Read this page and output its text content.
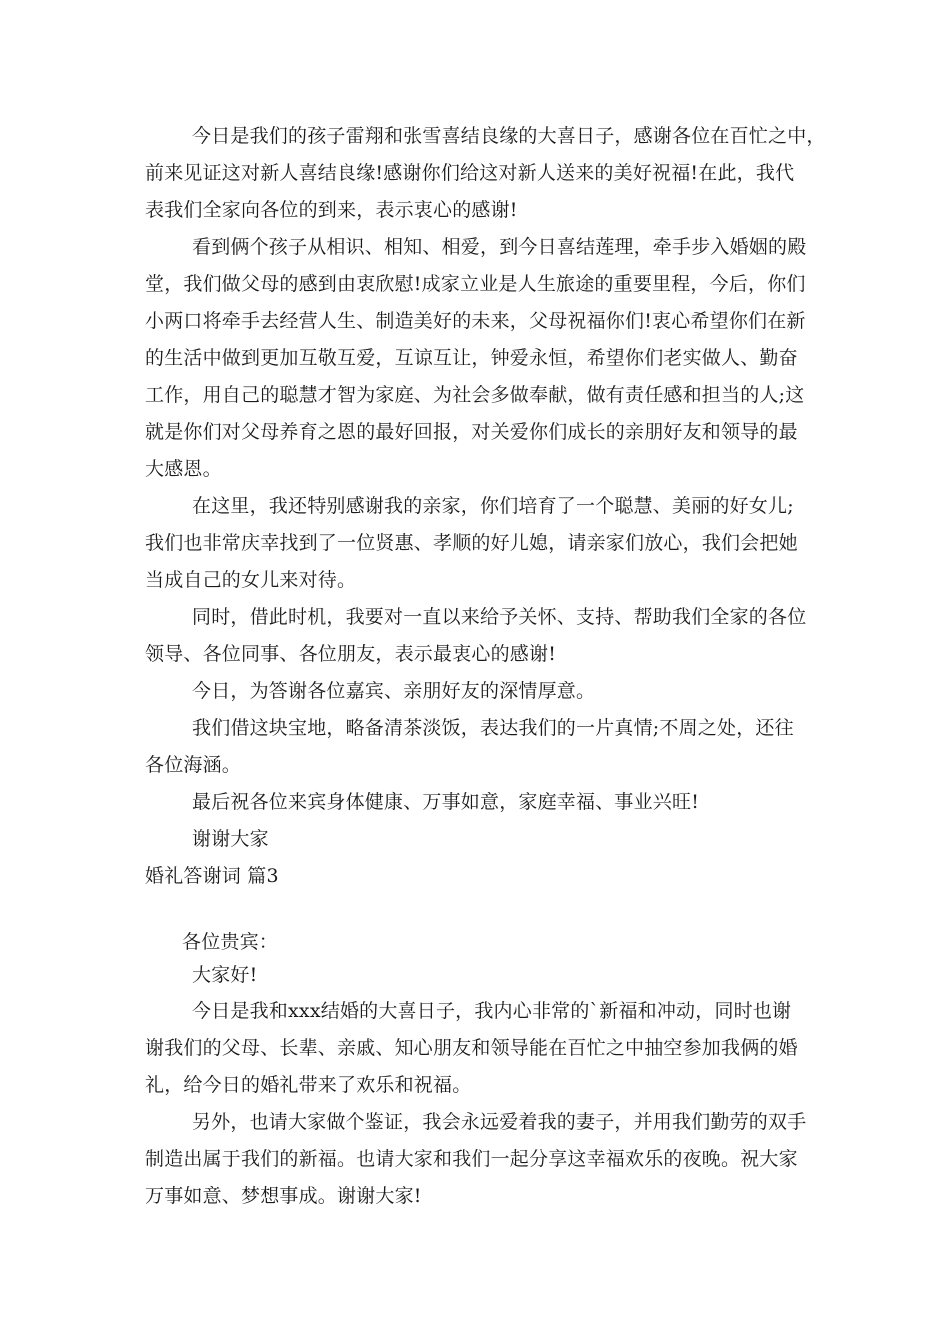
今日是我们的孩子雷翔和张雪喜结良缘的大喜日子，感谢各位在百忙之中，
前来见证这对新人喜结良缘!感谢你们给这对新人送来的美好祝福!在此，我代
表我们全家向各位的到来，表示衷心的感谢!
看到俩个孩子从相识、相知、相爱，到今日喜结莲理，牵手步入婚姻的殿
堂，我们做父母的感到由衷欣慰!成家立业是人生旅途的重要里程，今后，你们
小两口将牵手去经营人生、制造美好的未来，父母祝福你们!衷心希望你们在新
的生活中做到更加互敬互爱，互谅互让，钟爱永恒，希望你们老实做人、勤奋
工作，用自己的聪慧才智为家庭、为社会多做奉献，做有责任感和担当的人;这
就是你们对父母养育之恩的最好回报，对关爱你们成长的亲朋好友和领导的最
大感恩。
在这里，我还特别感谢我的亲家，你们培育了一个聪慧、美丽的好女儿;
我们也非常庆幸找到了一位贤惠、孝顺的好儿媳，请亲家们放心，我们会把她
当成自己的女儿来对待。
同时，借此时机，我要对一直以来给予关怀、支持、帮助我们全家的各位
领导、各位同事、各位朋友，表示最衷心的感谢!
今日，为答谢各位嘉宾、亲朋好友的深情厚意。
我们借这块宝地，略备清茶淡饭，表达我们的一片真情;不周之处，还往
各位海涵。
最后祝各位来宾身体健康、万事如意，家庭幸福、事业兴旺!
谢谢大家
婚礼答谢词 篇3
各位贵宾：
大家好!
今日是我和xxx结婚的大喜日子，我内心非常的`新福和冲动，同时也谢
谢我们的父母、长辈、亲戚、知心朋友和领导能在百忙之中抽空参加我俩的婚
礼，给今日的婚礼带来了欢乐和祝福。
另外，也请大家做个鉴证，我会永远爱着我的妻子，并用我们勤劳的双手
制造出属于我们的新福。也请大家和我们一起分享这幸福欢乐的夜晚。祝大家
万事如意、梦想事成。谢谢大家!
